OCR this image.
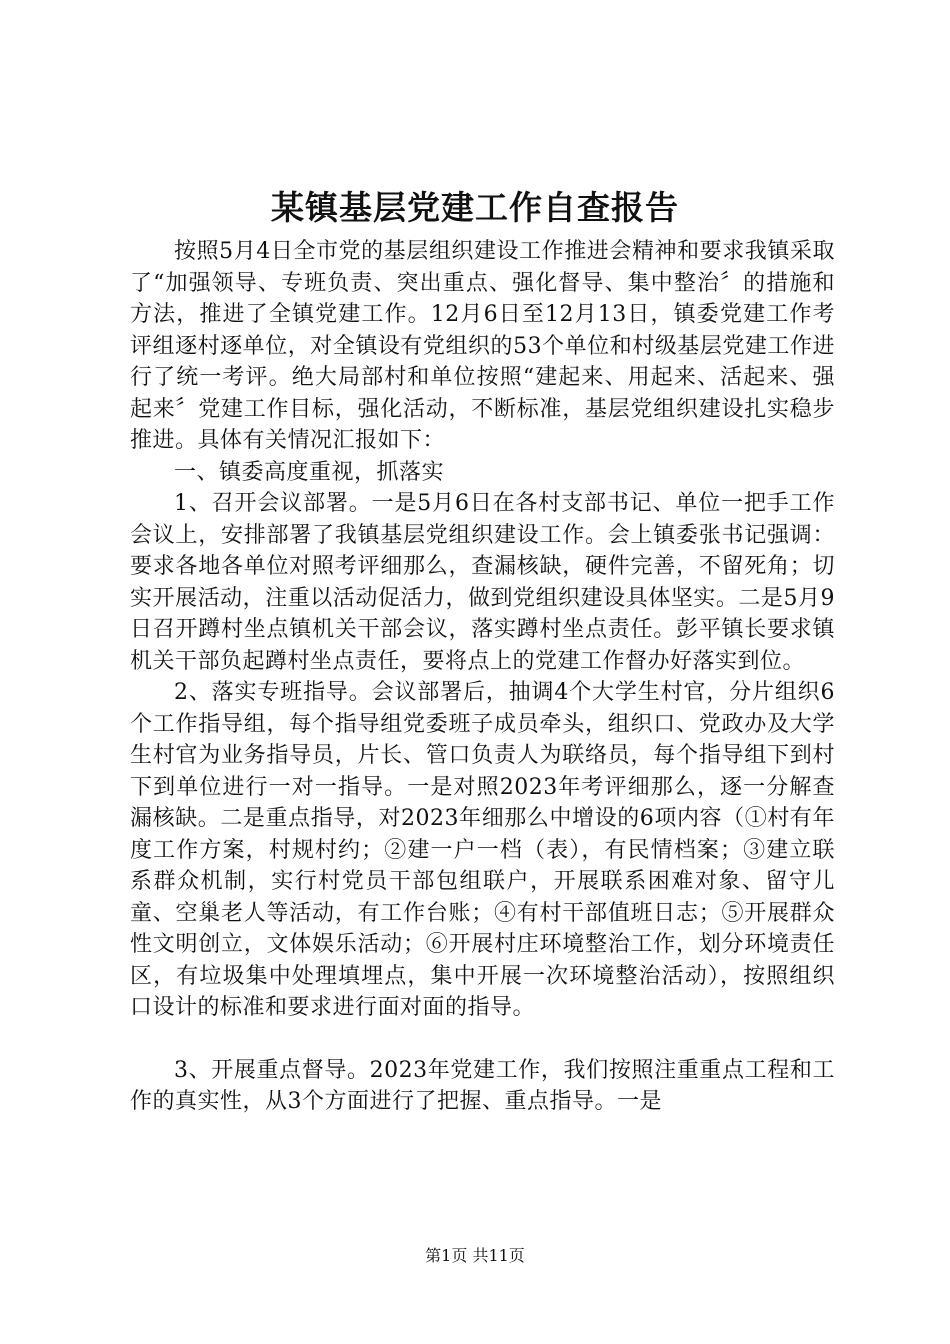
某镇基层党建工作自查报告

按照5月4日全市党的基层组织建设工作推进会精神和要求我镇采取了“加强领导、专班负责、突出重点、强化督导、集中整治〞的措施和方法，推进了全镇党建工作。12月6日至12月13日，镇委党建工作考评组逐村逐单位，对全镇设有党组织的53个单位和村级基层党建工作进行了统一考评。绝大局部村和单位按照“建起来、用起来、活起来、强起来〞党建工作目标，强化活动，不断标准，基层党组织建设扎实稳步推进。具体有关情况汇报如下：

一、镇委高度重视，抓落实

1、召开会议部署。一是5月6日在各村支部书记、单位一把手工作会议上，安排部署了我镇基层党组织建设工作。会上镇委张书记强调：要求各地各单位对照考评细那么，查漏核缺，硬件完善，不留死角；切实开展活动，注重以活动促活力，做到党组织建设具体坚实。二是5月9日召开蹲村坐点镇机关干部会议，落实蹲村坐点责任。彭平镇长要求镇机关干部负起蹲村坐点责任，要将点上的党建工作督办好落实到位。

2、落实专班指导。会议部署后，抽调4个大学生村官，分片组织6个工作指导组，每个指导组党委班子成员牵头，组织口、党政办及大学生村官为业务指导员，片长、管口负责人为联络员，每个指导组下到村下到单位进行一对一指导。一是对照2023年考评细那么，逐一分解查漏核缺。二是重点指导，对2023年细那么中增设的6项内容（①村有年度工作方案，村规村约；②建一户一档（表），有民情档案；③建立联系群众机制，实行村党员干部包组联户，开展联系困难对象、留守儿童、空巢老人等活动，有工作台账；④有村干部值班日志；⑤开展群众性文明创立，文体娱乐活动；⑥开展村庄环境整治工作，划分环境责任区，有垃圾集中处理填埋点，集中开展一次环境整治活动），按照组织口设计的标准和要求进行面对面的指导。

3、开展重点督导。2023年党建工作，我们按照注重重点工程和工作的真实性，从3个方面进行了把握、重点指导。一是

第1页 共11页
